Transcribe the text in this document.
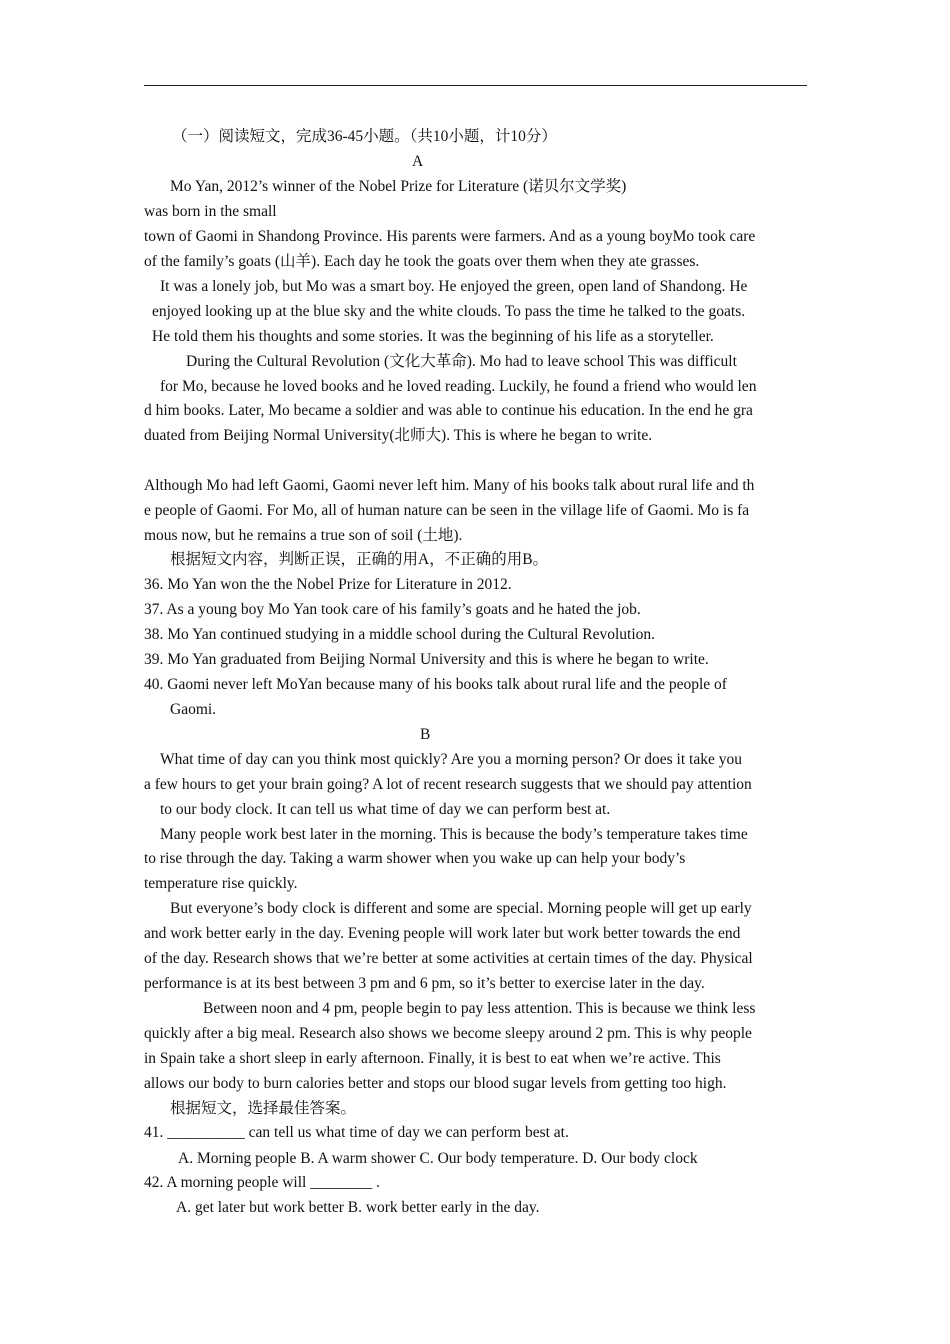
（一）阅读短文，完成36-45小题。（共10小题，计10分）
A
Mo Yan, 2012’s winner of the Nobel Prize for Literature (诺贝尔文学奖)
was born in the small
town of Gaomi in Shandong Province. His parents were farmers. And as a young boyMo took care
of the family’s goats (山羊). Each day he took the goats over them when they ate grasses.
It was a lonely job, but Mo was a smart boy. He enjoyed the green, open land of Shandong. He
enjoyed looking up at the blue sky and the white clouds. To pass the time he talked to the goats.
He told them his thoughts and some stories. It was the beginning of his life as a storyteller.
During the Cultural Revolution (文化大革命). Mo had to leave school This was difficult
for Mo, because he loved books and he loved reading. Luckily, he found a friend who would len
d him books. Later, Mo became a soldier and was able to continue his education. In the end he gra
duated from Beijing Normal University(北师大). This is where he began to write.
Although Mo had left Gaomi, Gaomi never left him. Many of his books talk about rural life and th
e people of Gaomi. For Mo, all of human nature can be seen in the village life of Gaomi. Mo is fa
mous now, but he remains a true son of soil (土地).
根据短文内容，判断正误，正确的用A，不正确的用B。
36. Mo Yan won the the Nobel Prize for Literature in 2012.
37. As a young boy Mo Yan took care of his family’s goats and he hated the job.
38. Mo Yan continued studying in a middle school during the Cultural Revolution.
39. Mo Yan graduated from Beijing Normal University and this is where he began to write.
40. Gaomi never left MoYan because many of his books talk about rural life and the people of
Gaomi.
B
What time of day can you think most quickly? Are you a morning person? Or does it take you
a few hours to get your brain going? A lot of recent research suggests that we should pay attention
to our body clock. It can tell us what time of day we can perform best at.
Many people work best later in the morning. This is because the body’s temperature takes time
to rise through the day. Taking a warm shower when you wake up can help your body’s
temperature rise quickly.
But everyone’s body clock is different and some are special. Morning people will get up early
and work better early in the day. Evening people will work later but work better towards the end
of the day. Research shows that we’re better at some activities at certain times of the day. Physical
performance is at its best between 3 pm and 6 pm, so it’s better to exercise later in the day.
Between noon and 4 pm, people begin to pay less attention. This is because we think less
quickly after a big meal. Research also shows we become sleepy around 2 pm. This is why people
in Spain take a short sleep in early afternoon. Finally, it is best to eat when we’re active. This
allows our body to burn calories better and stops our blood sugar levels from getting too high.
根据短文，选择最佳答案。
41. __________ can tell us what time of day we can perform best at.
A. Morning people B. A warm shower C. Our body temperature. D. Our body clock
42. A morning people will ________ .
A. get later but work better B. work better early in the day.
